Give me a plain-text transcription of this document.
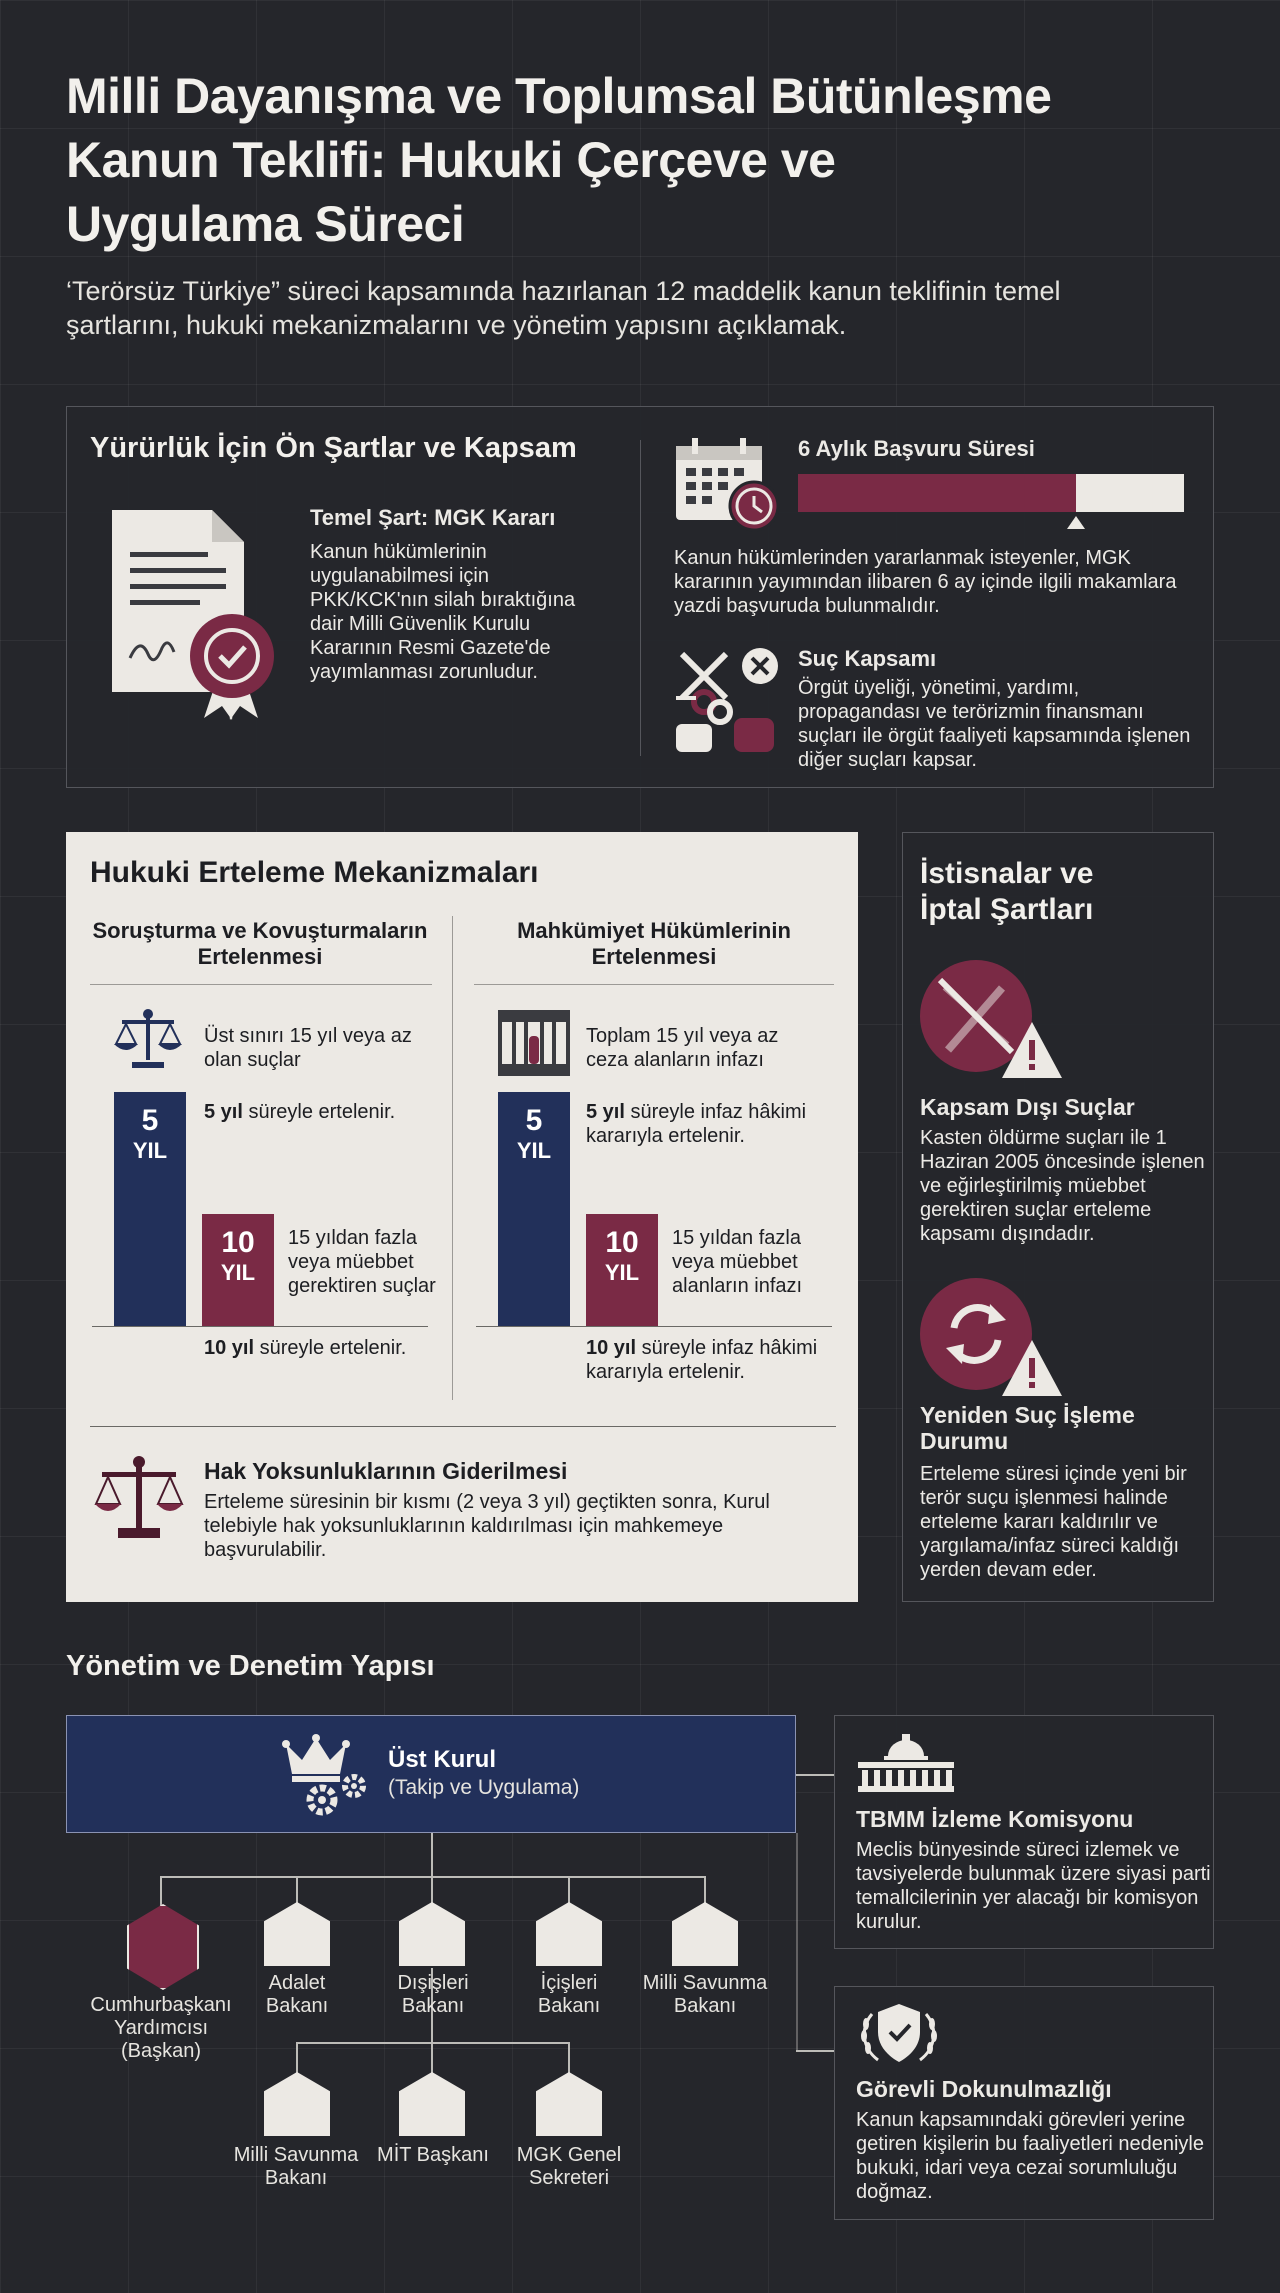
Milli Dayanışma ve Toplumsal Bütünleşme Kanun Teklifi: Hukuki Çerçeve ve Uygulama Süreci
‘Terörsüz Türkiye” süreci kapsamında hazırlanan 12 maddelik kanun teklifinin temel şartlarını, hukuki mekanizmalarını ve yönetim yapısını açıklamak.
Yürürlük İçin Ön Şartlar ve Kapsam
Temel Şart: MGK Kararı
Kanun hükümlerinin uygulanabilmesi için PKK/KCK'nın silah bıraktığına dair Milli Güvenlik Kurulu Kararının Resmi Gazete'de yayımlanması zorunludur.
6 Aylık Başvuru Süresi
Kanun hükümlerinden yararlanmak isteyenler, MGK kararının yayımından ilibaren 6 ay içinde ilgili makamlara yazdi başvuruda bulunmalıdır.
Suç Kapsamı
Örgüt üyeliği, yönetimi, yardımı, propagandası ve terörizmin finansmanı suçları ile örgüt faaliyeti kapsamında işlenen diğer suçları kapsar.
Hukuki Erteleme Mekanizmaları
Soruşturma ve Kovuşturmaların Ertelenmesi
Üst sınırı 15 yıl veya az olan suçlar
5
YIL
5 yıl süreyle ertelenir.
10
YIL
15 yıldan fazla veya müebbet gerektiren suçlar
10 yıl süreyle ertelenir.
Mahkümiyet Hükümlerinin Ertelenmesi
Toplam 15 yıl veya az ceza alanların infazı
5
YIL
5 yıl süreyle infaz hâkimi kararıyla ertelenir.
10
YIL
15 yıldan fazla veya müebbet alanların infazı
10 yıl süreyle infaz hâkimi kararıyla ertelenir.
Hak Yoksunluklarının Giderilmesi
Erteleme süresinin bir kısmı (2 veya 3 yıl) geçtikten sonra, Kurul telebiyle hak yoksunluklarının kaldırılması için mahkemeye başvurulabilir.
İstisnalar ve İptal Şartları
Kapsam Dışı Suçlar
Kasten öldürme suçları ile 1 Haziran 2005 öncesinde işlenen ve eğirleştirilmiş müebbet gerektiren suçlar erteleme kapsamı dışındadır.
Yeniden Suç İşleme Durumu
Erteleme süresi içinde yeni bir terör suçu işlenmesi halinde erteleme kararı kaldırılır ve yargılama/infaz süreci kaldığı yerden devam eder.
Yönetim ve Denetim Yapısı
Üst Kurul
(Takip ve Uygulama)
Cumhurbaşkanı Yardımcısı (Başkan)
Adalet Bakanı
Dışişleri Bakanı
İçişleri Bakanı
Milli Savunma Bakanı
Milli Savunma Bakanı
MİT Başkanı	MGK Genel Sekreteri
TBMM İzleme Komisyonu
Meclis bünyesinde süreci izlemek ve tavsiyelerde bulunmak üzere siyasi parti temallcilerinin yer alacağı bir komisyon kurulur.
Görevli Dokunulmazlığı
Kanun kapsamındaki görevleri yerine getiren kişilerin bu faaliyetleri nedeniyle bukuki, idari veya cezai sorumluluğu doğmaz.
